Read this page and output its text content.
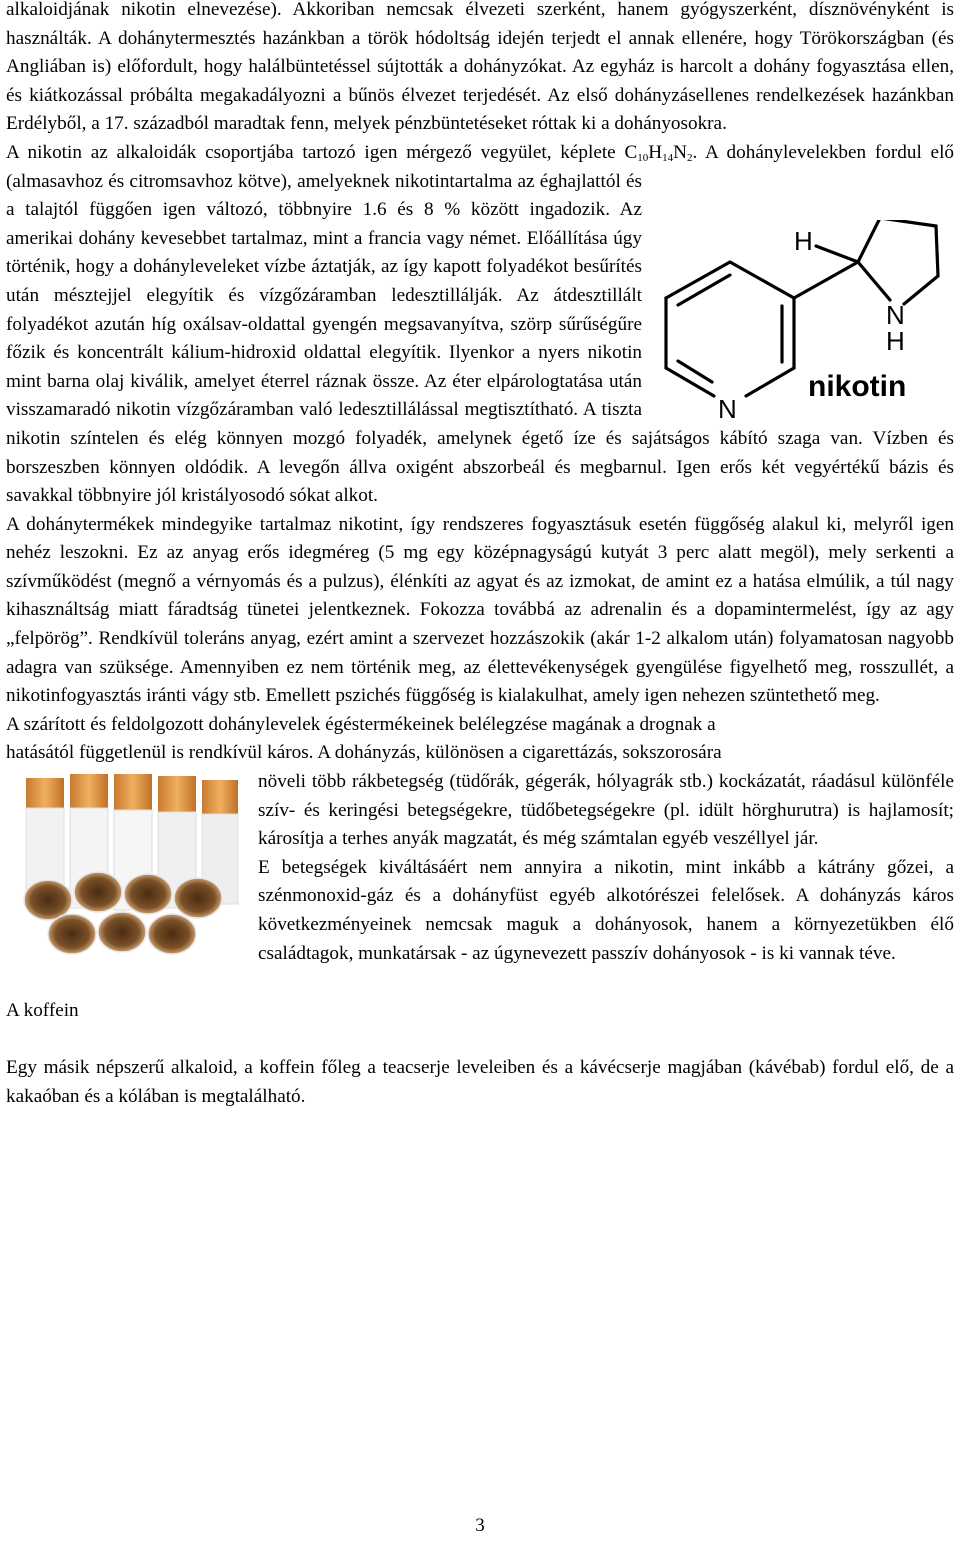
alkaloidjának nikotin elnevezése). Akkoriban nemcsak élvezeti szerként, hanem gyógyszerként, dísznövényként is használták. A dohánytermesztés hazánkban a török hódoltság idején terjedt el annak ellenére, hogy Törökországban (és Angliában is) előfordult, hogy halálbüntetéssel sújtották a dohányzókat. Az egyház is harcolt a dohány fogyasztása ellen, és kiátkozással próbálta megakadályozni a bűnös élvezet terjedését. Az első dohányzásellenes rendelkezések hazánkban Erdélyből, a 17. századból maradtak fenn, melyek pénzbüntetéseket róttak ki a dohányosokra.

A nikotin az alkaloidák csoportjába tartozó igen mérgező vegyület, képlete $C_{10}H_{14}N_2$
H
N
H
N
nikotin
. A dohánylevelekben fordul elő (almasavhoz és citromsavhoz kötve), amelyeknek nikotintartalma az éghajlattól és a talajtól függően igen változó, többnyire 1.6 és 8 % között ingadozik. Az amerikai dohány kevesebbet tartalmaz, mint a francia vagy német. Előállítása úgy történik, hogy a dohányleveleket vízbe áztatják, az így kapott folyadékot besűrítés után mésztejjel elegyítik és vízgőzáramban ledesztillálják. Az átdesztillált folyadékot azután híg oxálsav-oldattal gyengén megsavanyítva, szörp sűrűségűre főzik és koncentrált kálium-hidroxid oldattal elegyítik. Ilyenkor a nyers nikotin mint barna olaj kiválik, amelyet éterrel ráznak össze. Az éter elpárologtatása után visszamaradó nikotin vízgőzáramban való ledesztillálással megtisztítható. A tiszta nikotin színtelen és elég könnyen mozgó folyadék, amelynek égető íze és sajátságos kábító szaga van. Vízben és borszeszben könnyen oldódik. A levegőn állva oxigént abszorbeál és megbarnul. Igen erős két vegyértékű bázis és savakkal többnyire jól kristályosodó sókat alkot.

A dohánytermékek mindegyike tartalmaz nikotint, így rendszeres fogyasztásuk esetén függőség alakul ki, melyről igen nehéz leszokni. Ez az anyag erős idegméreg (5 mg egy középnagyságú kutyát 3 perc alatt megöl), mely serkenti a szívműködést (megnő a vérnyomás és a pulzus), élénkíti az agyat és az izmokat, de amint ez a hatása elmúlik, a túl nagy kihasználtság miatt fáradtság tünetei jelentkeznek. Fokozza továbbá az adrenalin és a dopamintermelést, így az agy „felpörög”. Rendkívül toleráns anyag, ezért amint a szervezet hozzászokik (akár 1-2 alkalom után) folyamatosan nagyobb adagra van szüksége. Amennyiben ez nem történik meg, az élettevékenységek gyengülése figyelhető meg, rosszullét, a nikotinfogyasztás iránti vágy stb. Emellett pszichés függőség is kialakulhat, amely igen nehezen szüntethető meg.

A szárított és feldolgozott dohánylevelek égéstermékeinek belélegzése magának a drognak a
hatásától függetlenül is rendkívül káros. A dohányzás, különösen a cigarettázás, sokszorosára
növeli több rákbetegség (tüdőrák, gégerák, hólyagrák stb.) kockázatát, ráadásul különféle szív- és keringési betegségekre, tüdőbetegségekre (pl. idült hörghurutra) is hajlamosít; károsítja a terhes anyák magzatát, és még számtalan egyéb veszéllyel jár.

E betegségek kiváltásáért nem annyira a nikotin, mint inkább a kátrány gőzei, a szénmonoxid-gáz és a dohányfüst egyéb alkotórészei felelősek. A dohányzás káros következményeinek nemcsak maguk a dohányosok, hanem a környezetükben élő családtagok, munkatársak - az úgynevezett passzív dohányosok - is ki vannak téve.

A koffein

Egy másik népszerű alkaloid, a koffein főleg a teacserje leveleiben és a kávécserje magjában (kávébab) fordul elő, de a kakaóban és a kólában is megtalálható.

3
